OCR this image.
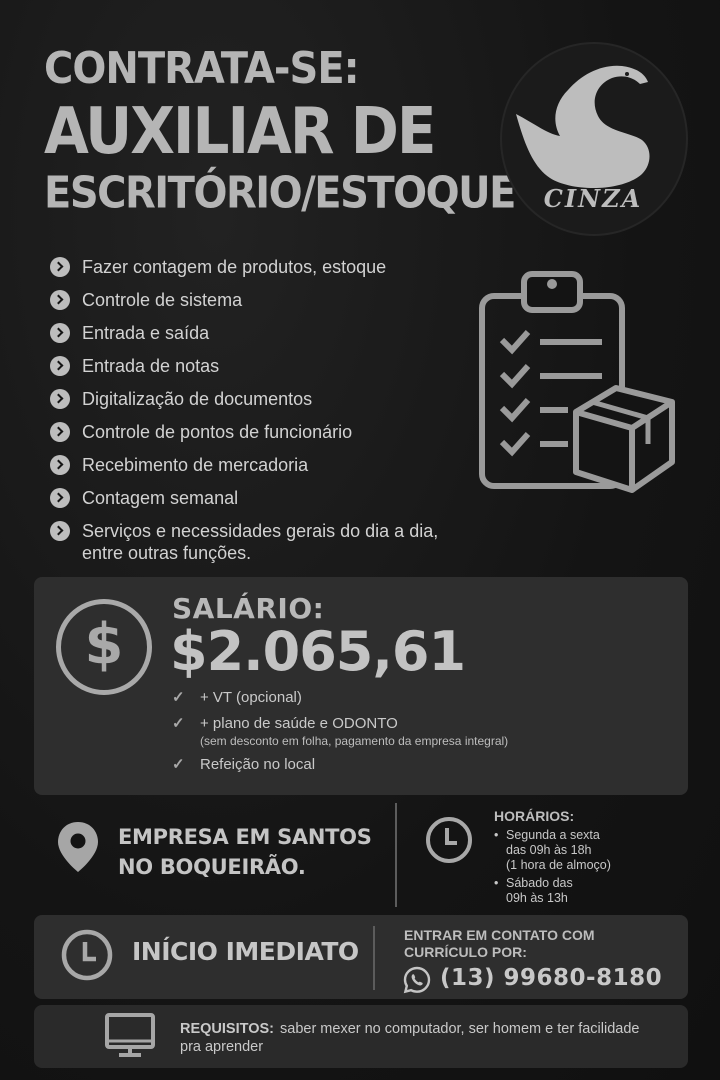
CONTRATA-SE:
AUXILIAR DE
ESCRITÓRIO/ESTOQUE CINZA
Fazer contagem de produtos, estoque
Controle de sistema
Entrada e saída
Entrada de notas
Digitalização de documentos
Controle de pontos de funcionário
Recebimento de mercadoria
Contagem semanal
Serviços e necessidades gerais do dia a dia, entre outras funções.
$
SALÁRIO:
$2.065,61
✓	+ VT (opcional)
✓	+ plano de saúde e ODONTO
(sem desconto em folha, pagamento da empresa integral)
✓	Refeição no local
EMPRESA EM SANTOS
NO BOQUEIRÃO.
HORÁRIOS:
• Segunda a sexta
das 09h às 18h
(1 hora de almoço)
• Sábado das
09h às 13h
INÍCIO IMEDIATO
ENTRAR EM CONTATO COM CURRÍCULO POR:
(13) 99680-8180
REQUISITOS: saber mexer no computador, ser homem e ter facilidade pra aprender
